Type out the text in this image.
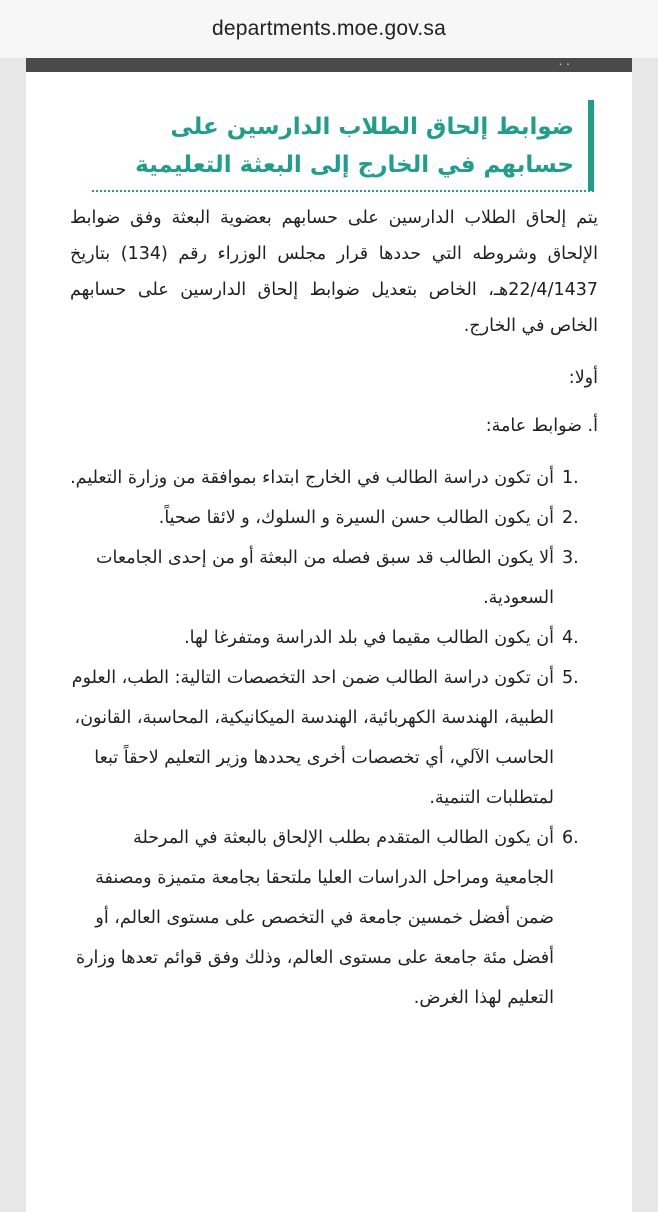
departments.moe.gov.sa
. .
ضوابط إلحاق الطلاب الدارسين على حسابهم في الخارج إلى البعثة التعليمية

يتم إلحاق الطلاب الدارسين على حسابهم بعضوية البعثة وفق ضوابط الإلحاق وشروطه التي حددها قرار مجلس الوزراء رقم (134) بتاريخ 22/4/1437هـ، الخاص بتعديل ضوابط إلحاق الدارسين على حسابهم الخاص في الخارج.

أولا:

أ. ضوابط عامة:

1.
أن تكون دراسة الطالب في الخارج ابتداء بموافقة من وزارة التعليم.
2.
أن يكون الطالب حسن السيرة و السلوك، و لائقا صحياً.
3.
ألا يكون الطالب قد سبق فصله من البعثة أو من إحدى الجامعات السعودية.
4.
أن يكون الطالب مقيما في بلد الدراسة ومتفرغا لها.
5.
أن تكون دراسة الطالب ضمن احد التخصصات التالية: الطب، العلوم الطبية، الهندسة الكهربائية، الهندسة الميكانيكية، المحاسبة، القانون، الحاسب الآلي، أي تخصصات أخرى يحددها وزير التعليم لاحقاً تبعا لمتطلبات التنمية.
6.
أن يكون الطالب المتقدم بطلب الإلحاق بالبعثة في المرحلة الجامعية ومراحل الدراسات العليا ملتحقا بجامعة متميزة ومصنفة ضمن أفضل خمسين جامعة في التخصص على مستوى العالم، أو أفضل مئة جامعة على مستوى العالم، وذلك وفق قوائم تعدها وزارة التعليم لهذا الغرض.
